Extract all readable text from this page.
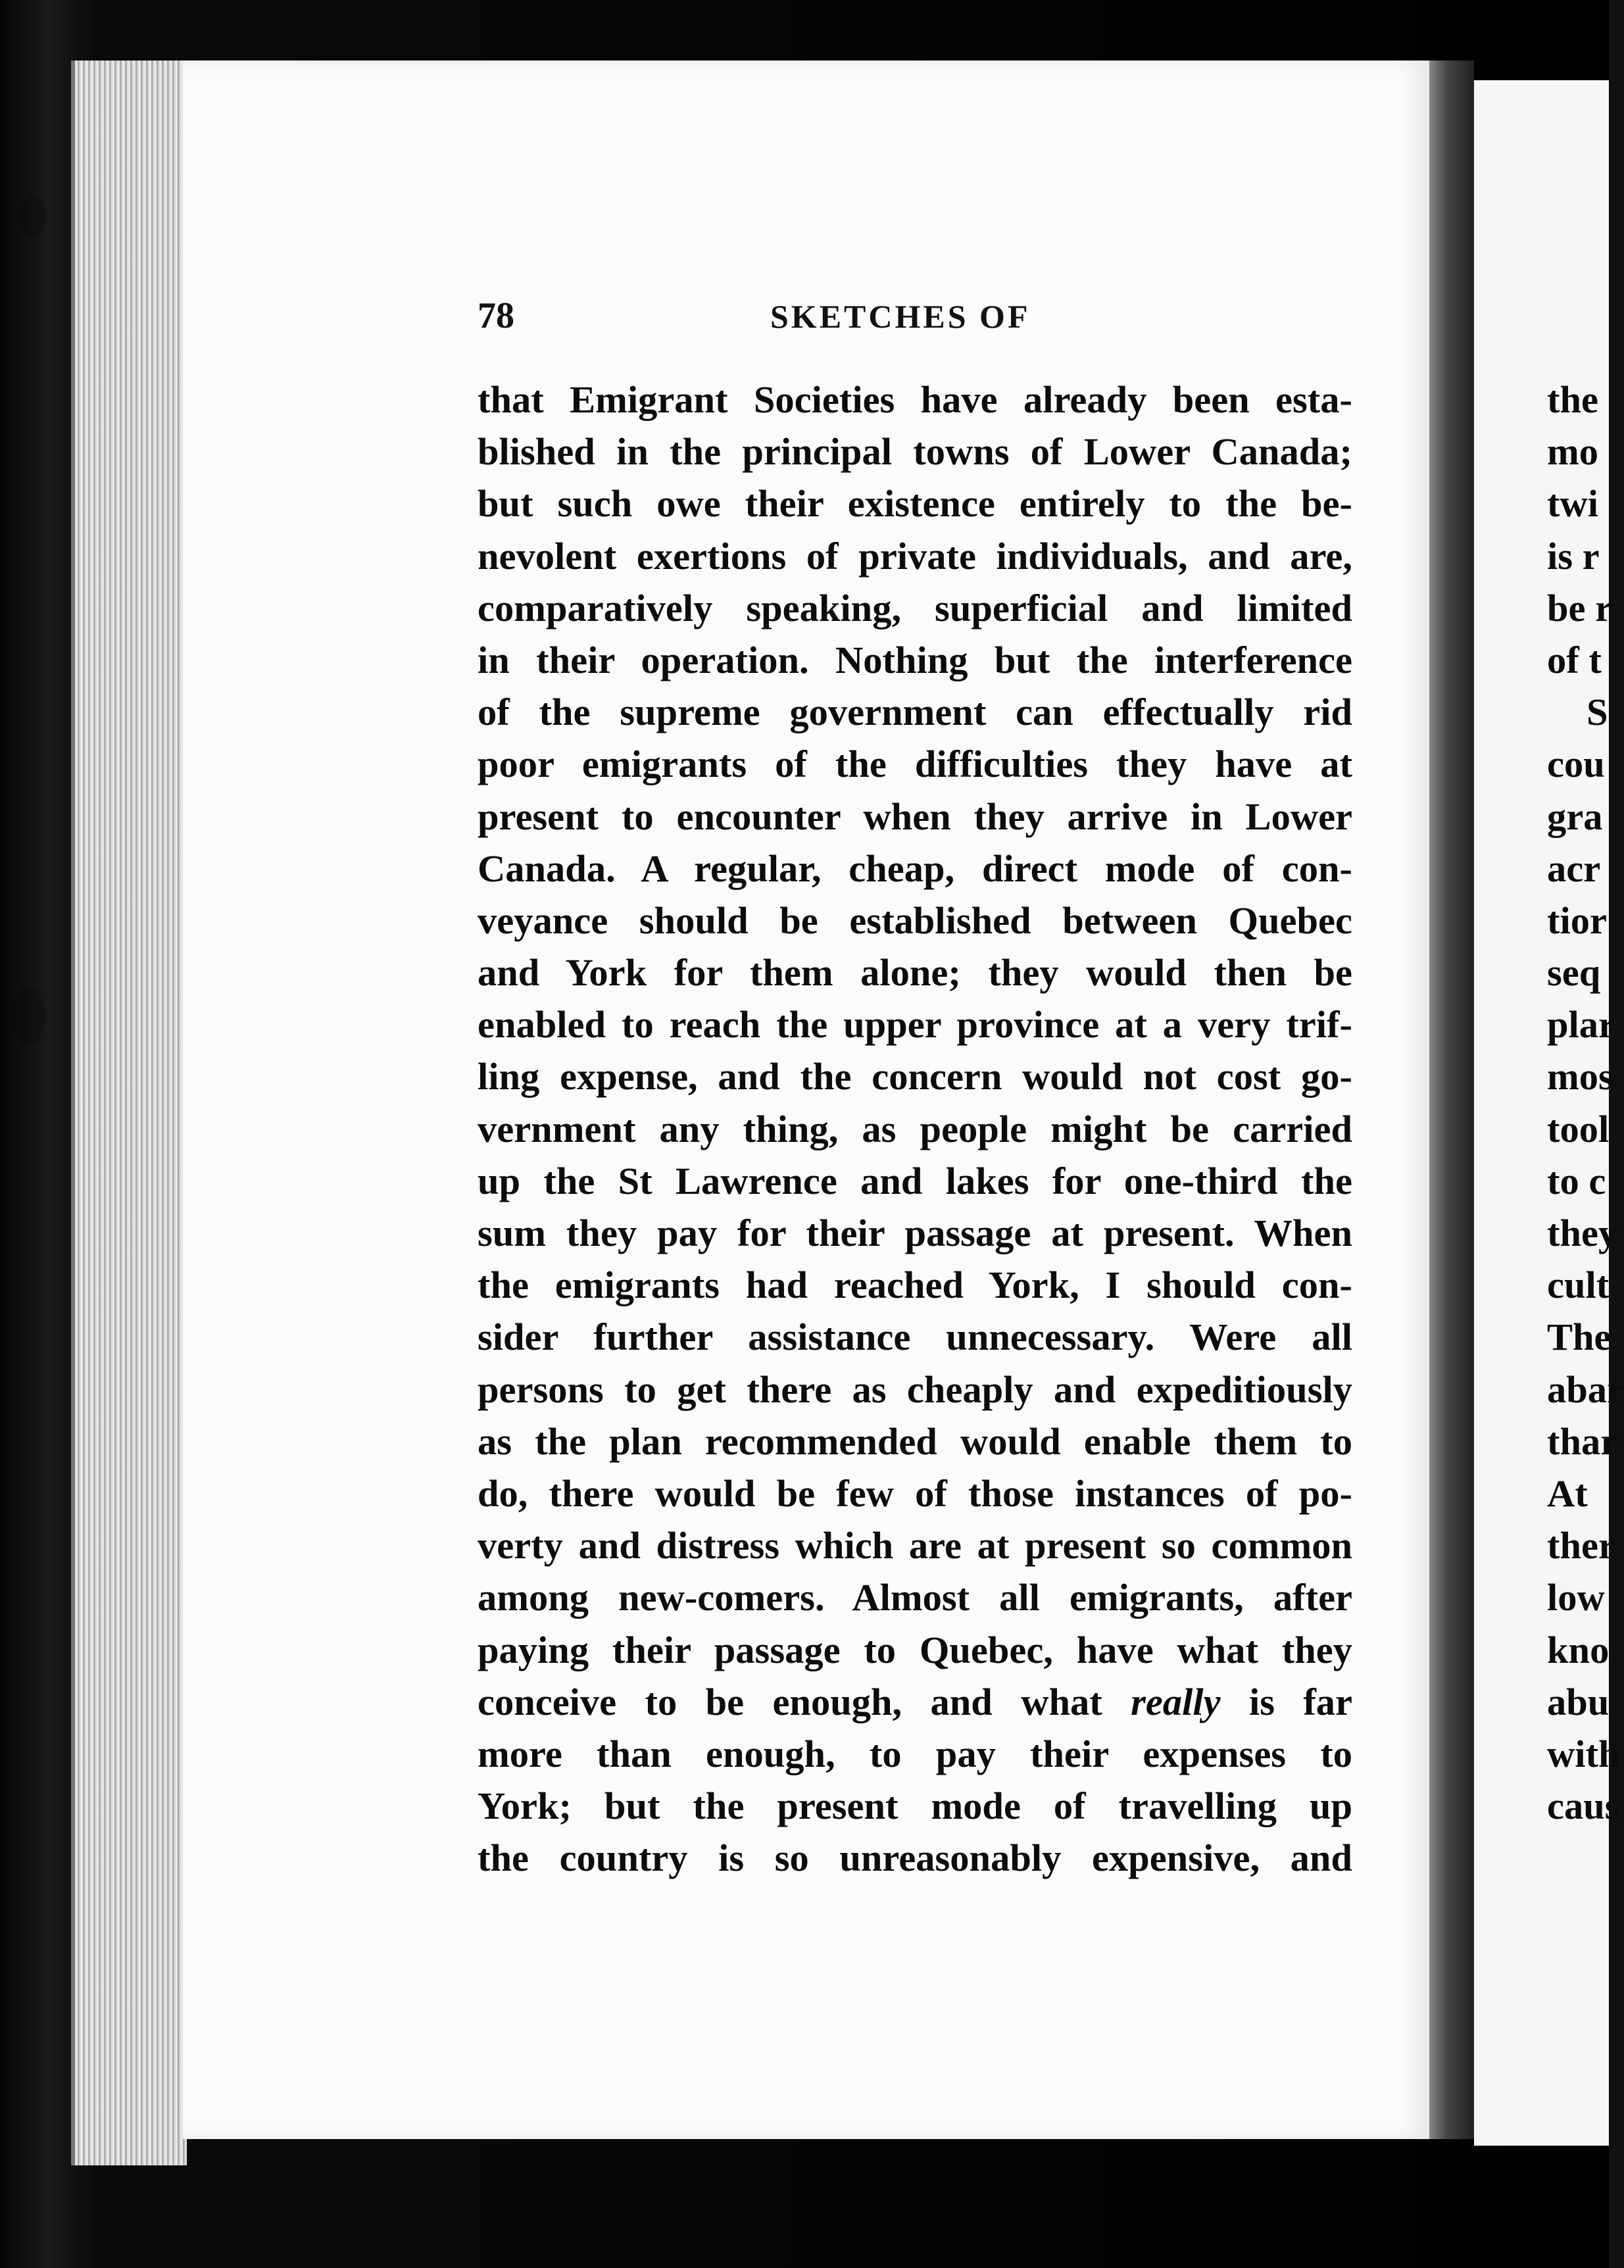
78	SKETCHES OF
that Emigrant Societies have already been esta-
blished in the principal towns of Lower Canada;
but such owe their existence entirely to the be-
nevolent exertions of private individuals, and are,
comparatively speaking, superficial and limited
in their operation. Nothing but the interference
of the supreme government can effectually rid
poor emigrants of the difficulties they have at
present to encounter when they arrive in Lower
Canada. A regular, cheap, direct mode of con-
veyance should be established between Quebec
and York for them alone; they would then be
enabled to reach the upper province at a very trif-
ling expense, and the concern would not cost go-
vernment any thing, as people might be carried
up the St Lawrence and lakes for one-third the
sum they pay for their passage at present. When
the emigrants had reached York, I should con-
sider further assistance unnecessary. Were all
persons to get there as cheaply and expeditiously
as the plan recommended would enable them to
do, there would be few of those instances of po-
verty and distress which are at present so common
among new-comers. Almost all emigrants, after
paying their passage to Quebec, have what they
conceive to be enough, and what really is far
more than enough, to pay their expenses to
York; but the present mode of travelling up
the country is so unreasonably expensive, and
the
mo
twi
is r
be r
of t
S
cou
gra
acr
tior
seq
plar
mos
tool
to c
they
cult
The
abar
thar
At
ther
low
kno
abu
with
caus
